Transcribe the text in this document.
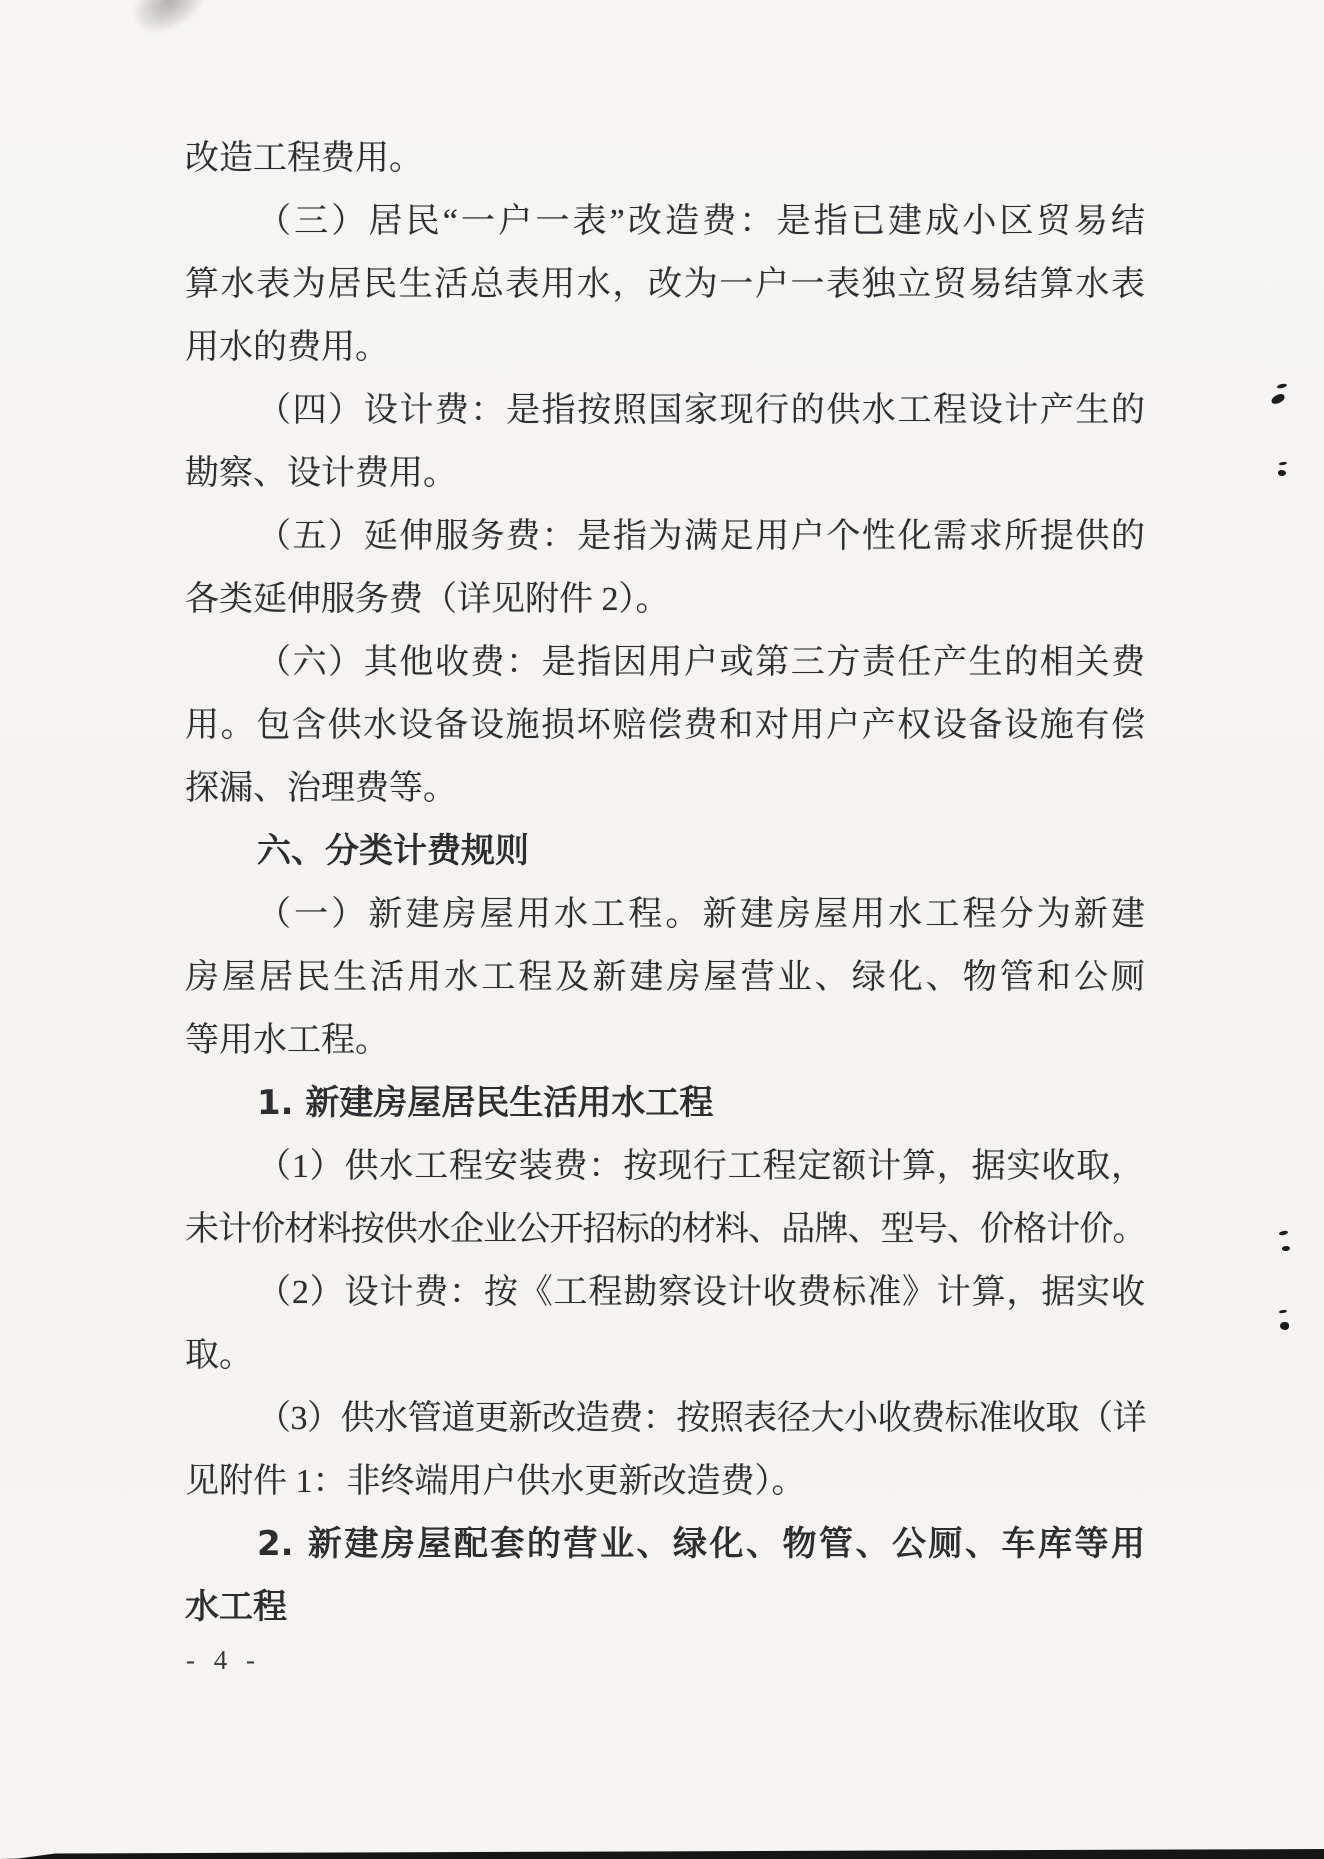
改造工程费用。
（三）居民“一户一表”改造费：是指已建成小区贸易结
算水表为居民生活总表用水，改为一户一表独立贸易结算水表
用水的费用。
（四）设计费：是指按照国家现行的供水工程设计产生的
勘察、设计费用。
（五）延伸服务费：是指为满足用户个性化需求所提供的
各类延伸服务费（详见附件 2）。
（六）其他收费：是指因用户或第三方责任产生的相关费
用。包含供水设备设施损坏赔偿费和对用户产权设备设施有偿
探漏、治理费等。
六、分类计费规则
（一）新建房屋用水工程。新建房屋用水工程分为新建
房屋居民生活用水工程及新建房屋营业、绿化、物管和公厕
等用水工程。
1. 新建房屋居民生活用水工程
（1）供水工程安装费：按现行工程定额计算，据实收取，
未计价材料按供水企业公开招标的材料、品牌、型号、价格计价。
（2）设计费：按《工程勘察设计收费标准》计算，据实收
取。
（3）供水管道更新改造费：按照表径大小收费标准收取（详
见附件 1：非终端用户供水更新改造费）。
2. 新建房屋配套的营业、绿化、物管、公厕、车库等用
水工程
- 4 -
